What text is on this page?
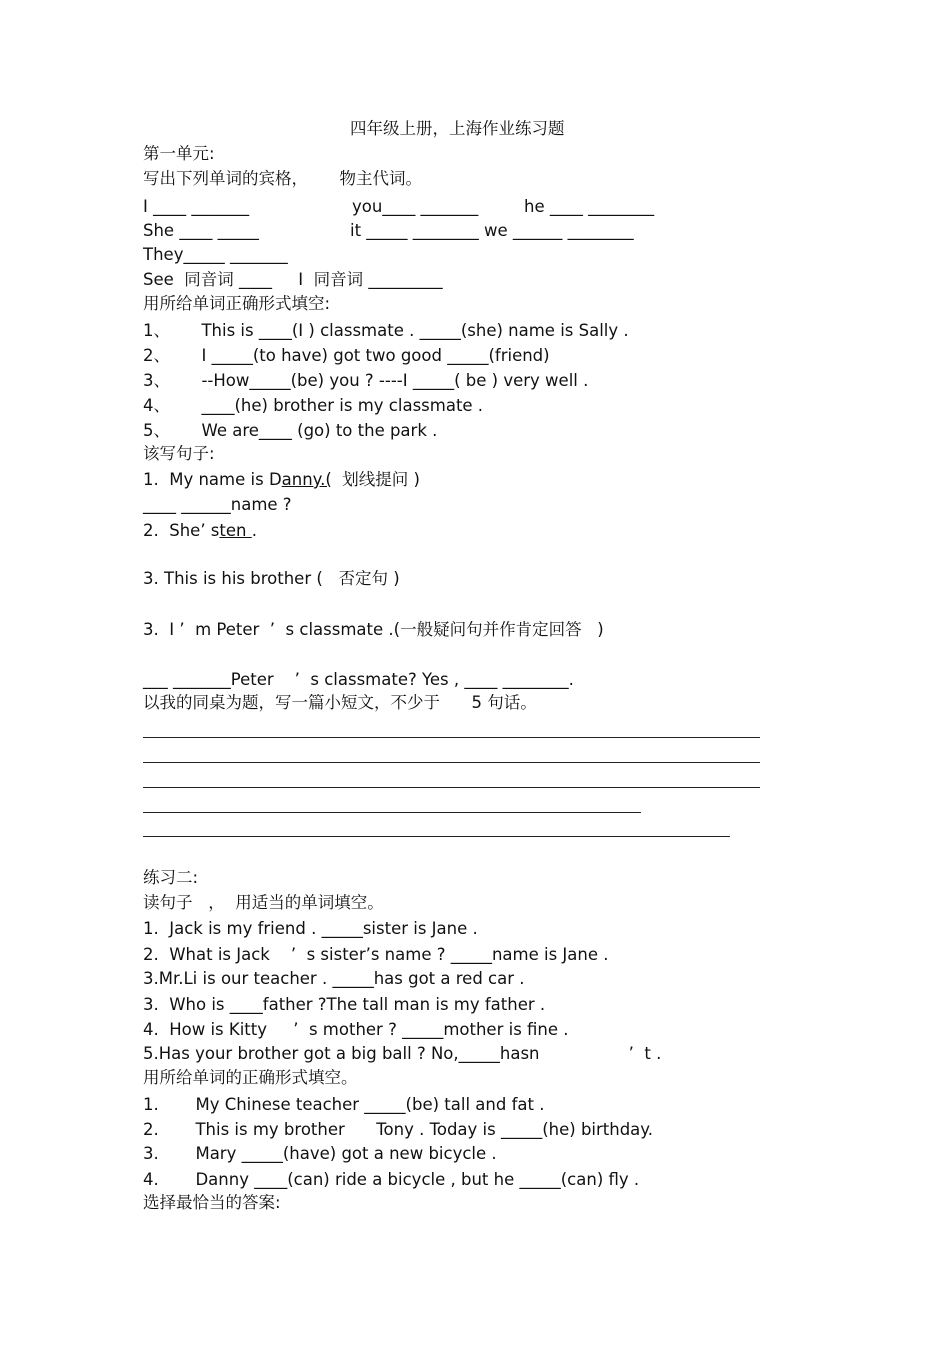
四年级上册，上海作业练习题
第一单元:
写出下列单词的宾格，      物主代词。
I ____ _______	you____ _______	he ____ ________
She ____ _____	it _____ ________ we ______ ________
They_____ _______
See  同音词 ____     I  同音词 _________
用所给单词正确形式填空:
1、      This is ____(I ) classmate . _____(she) name is Sally .
2、      I _____(to have) got two good _____(friend)
3、      --How_____(be) you ? ----I _____( be ) very well .
4、      ____(he) brother is my classmate .
5、      We are____ (go) to the park .
该写句子:
1.  My name is Danny.(  划线提问 )
____ ______name ?
2.  She’ sten .
3. This is his brother (   否定句 )
3.  I ’  m Peter  ’  s classmate .(一般疑问句并作肯定回答   )
___ _______Peter    ’  s classmate? Yes , ____ ________.
以我的同桌为题，写一篇小短文，不少于      5 句话。
练习二:
读句子   ，  用适当的单词填空。
1.  Jack is my friend . _____sister is Jane .
2.  What is Jack    ’  s sister’s name ? _____name is Jane .
3.Mr.Li is our teacher . _____has got a red car .
3.  Who is ____father ?The tall man is my father .
4.  How is Kitty     ’  s mother ? _____mother is fine .
5.Has your brother got a big ball ? No,_____hasn                 ’  t .
用所给单词的正确形式填空。
1.       My Chinese teacher _____(be) tall and fat .
2.       This is my brother      Tony . Today is _____(he) birthday.
3.       Mary _____(have) got a new bicycle .
4.       Danny ____(can) ride a bicycle , but he _____(can) fly .
选择最恰当的答案:
